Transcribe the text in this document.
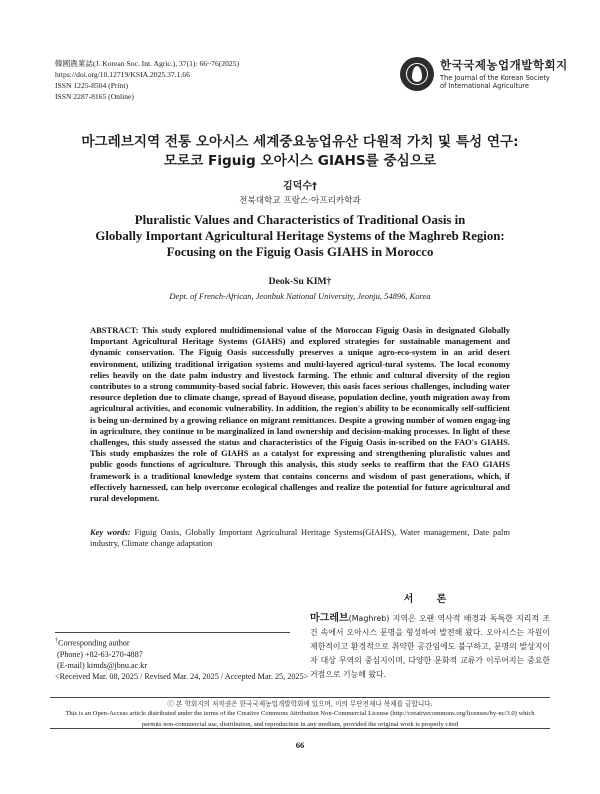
韓國農業誌(J. Korean Soc. Int. Agric.), 37(1): 66~76(2025)
https://doi.org/10.12719/KSIA.2025.37.1.66
ISSN 1225-8504 (Print)
ISSN 2287-8165 (Online)
한국국제농업개발학회지
The Journal of the Korean Society
of International Agriculture
마그레브지역 전통 오아시스 세계중요농업유산 다원적 가치 및 특성 연구:
모로코 Figuig 오아시스 GIAHS를 중심으로
김덕수†
전북대학교 프랑스·아프리카학과
Pluralistic Values and Characteristics of Traditional Oasis in
Globally Important Agricultural Heritage Systems of the Maghreb Region:
Focusing on the Figuig Oasis GIAHS in Morocco
Deok-Su KIM†
Dept. of French-African, Jeonbuk National University, Jeonju, 54896, Korea
ABSTRACT: This study explored multidimensional value of the Moroccan Figuig Oasis in designated Globally Important Agricultural Heritage Systems (GIAHS) and explored strategies for sustainable management and dynamic conservation. The Figuig Oasis successfully preserves a unique agro-eco-system in an arid desert environment, utilizing traditional irrigation systems and multi-layered agricul-tural systems. The local economy relies heavily on the date palm industry and livestock farming. The ethnic and cultural diversity of the region contributes to a strong community-based social fabric. However, this oasis faces serious challenges, including water resource depletion due to climate change, spread of Bayoud disease, population decline, youth migration away from agricultural activities, and economic vulnerability. In addition, the region's ability to be economically self-sufficient is being un-dermined by a growing reliance on migrant remittances. Despite a growing number of women engag-ing in agriculture, they continue to be marginalized in land ownership and decision-making processes. In light of these challenges, this study assessed the status and characteristics of the Figuig Oasis in-scribed on the FAO's GIAHS. This study emphasizes the role of GIAHS as a catalyst for expressing and strengthening pluralistic values and public goods functions of agriculture. Through this analysis, this study seeks to reaffirm that the FAO GIAHS framework is a traditional knowledge system that contains concerns and wisdom of past generations, which, if effectively harnessed, can help overcome ecological challenges and realize the potential for future agricultural and rural development.
Key words: Figuig Oasis, Globally Important Agricultural Heritage Systems(GIAHS), Water management, Date palm industry, Climate change adaptation
서 론
마그레브(Maghreb) 지역은 오랜 역사적 배경과 독특한 지리적 조건 속에서 오아시스 문명을 형성하여 발전해 왔다. 오아시스는 자원이 제한적이고 환경적으로 취약한 공간임에도 불구하고, 문명의 발상지이자 대상 무역의 중심지이며, 다양한 문화적 교류가 이루어지는 중요한 거점으로 기능해 왔다.
†Corresponding author
(Phone) +82-63-270-4887
(E-mail) kimds@jbnu.ac.kr
<Received Mar. 08, 2025 / Revised Mar. 24, 2025 / Accepted Mar. 25, 2025>
ⓒ 본 학회지의 저작권은 한국국제농업개발학회에 있으며, 이의 무단전재나 복제를 금합니다.
This is an Open-Access article distributed under the terms of the Creative Commons Attribution Non-Commercial License (http://creativecommons.org/licenses/by-nc/3.0) which
permits non-commercial use, distribution, and reproduction in any medium, provided the original work is properly cited
66
